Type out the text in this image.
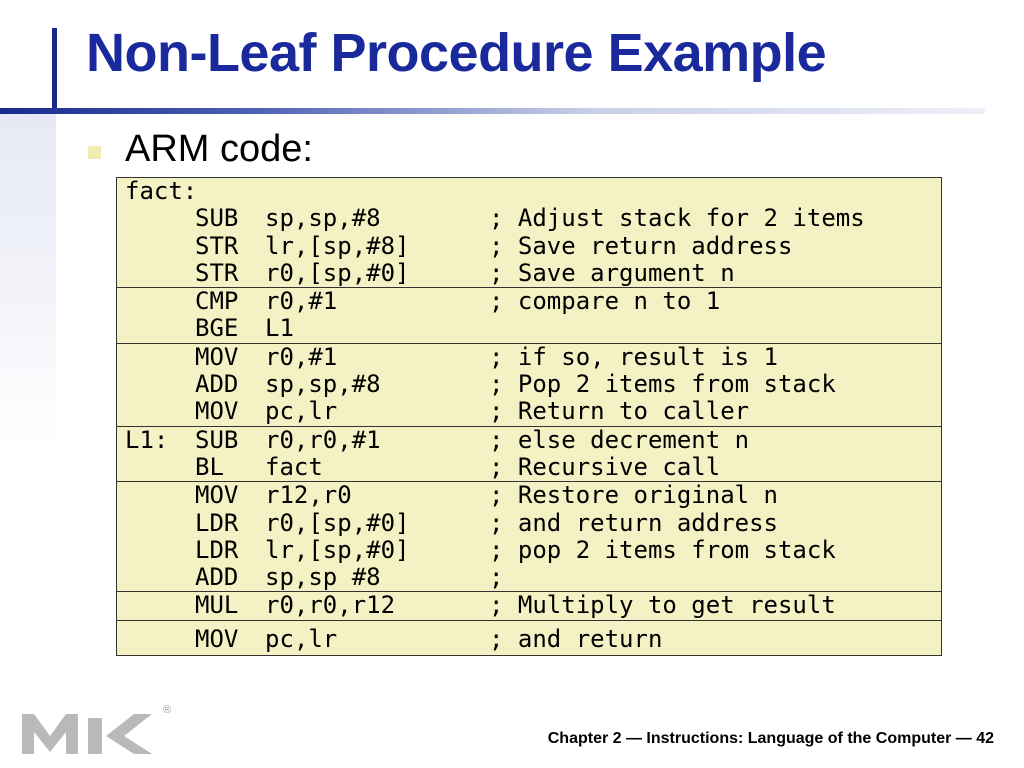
Non-Leaf Procedure Example
ARM code:
fact:
SUB	sp,sp,#8	; Adjust stack for 2 items
STR	lr,[sp,#8]	; Save return address
STR	r0,[sp,#0]	; Save argument n

CMP	r0,#1	; compare n to 1
BGE	L1

MOV	r0,#1	; if so, result is 1
ADD	sp,sp,#8	; Pop 2 items from stack
MOV	pc,lr	; Return to caller

L1:	SUB	r0,r0,#1	; else decrement n
BL	fact	; Recursive call

MOV	r12,r0	; Restore original n
LDR	r0,[sp,#0]	; and return address
LDR	lr,[sp,#0]	; pop 2 items from stack
ADD	sp,sp #8	;

MUL	r0,r0,r12	; Multiply to get result

MOV	pc,lr	; and return
®
Chapter 2 — Instructions: Language of the Computer — 42
